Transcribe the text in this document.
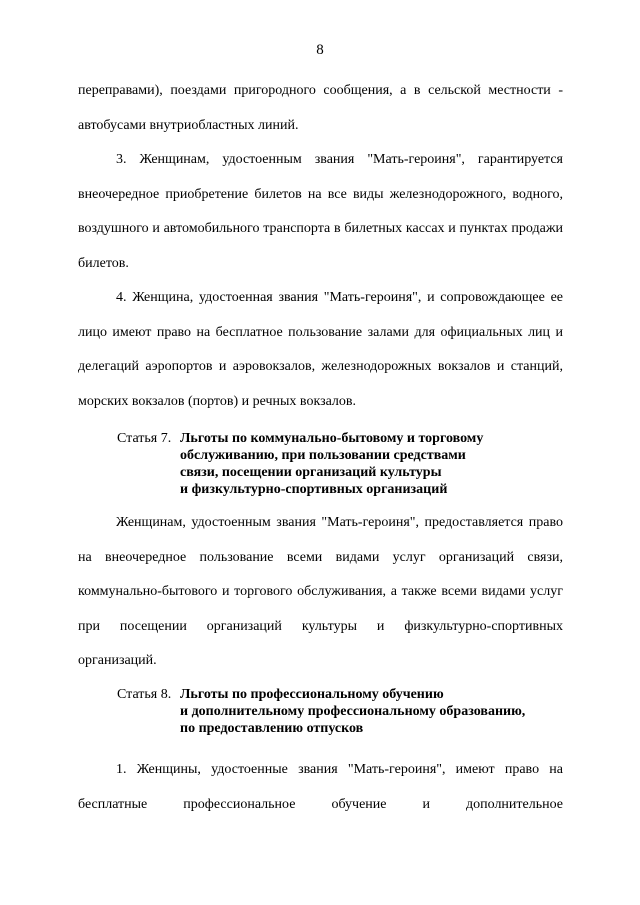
8

переправами), поездами пригородного сообщения, а в сельской местности - автобусами внутриобластных линий.

3. Женщинам, удостоенным звания "Мать-героиня", гарантируется внеочередное приобретение билетов на все виды железнодорожного, водного, воздушного и автомобильного транспорта в билетных кассах и пунктах продажи билетов.

4. Женщина, удостоенная звания "Мать-героиня", и сопровождающее ее лицо имеют право на бесплатное пользование залами для официальных лиц и делегаций аэропортов и аэровокзалов, железнодорожных вокзалов и станций, морских вокзалов (портов) и речных вокзалов.

Статья 7. Льготы по коммунально-бытовому и торговому
обслуживанию, при пользовании средствами
связи, посещении организаций культуры
и физкультурно-спортивных организаций

Женщинам, удостоенным звания "Мать-героиня", предоставляется право на внеочередное пользование всеми видами услуг организаций связи, коммунально-бытового и торгового обслуживания, а также всеми видами услуг при посещении организаций культуры и физкультурно-спортивных организаций.

Статья 8. Льготы по профессиональному обучению
и дополнительному профессиональному образованию,
по предоставлению отпусков

1. Женщины, удостоенные звания "Мать-героиня", имеют право на бесплатные профессиональное обучение и дополнительное
